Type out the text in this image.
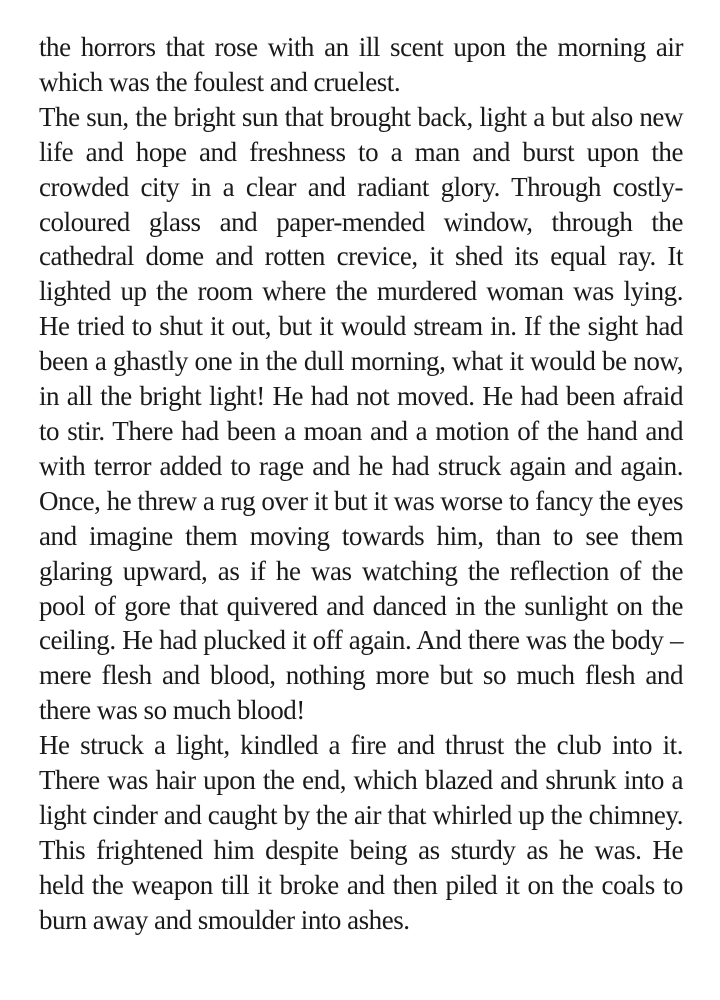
the horrors that rose with an ill scent upon the morning air which was the foulest and cruelest.

The sun, the bright sun that brought back, light a but also new life and hope and freshness to a man and burst upon the crowded city in a clear and radiant glory. Through costly-coloured glass and paper-mended window, through the cathedral dome and rotten crevice, it shed its equal ray. It lighted up the room where the murdered woman was lying. He tried to shut it out, but it would stream in. If the sight had been a ghastly one in the dull morning, what it would be now, in all the bright light! He had not moved. He had been afraid to stir. There had been a moan and a motion of the hand and with terror added to rage and he had struck again and again. Once, he threw a rug over it but it was worse to fancy the eyes and imagine them moving towards him, than to see them glaring upward, as if he was watching the reflection of the pool of gore that quivered and danced in the sunlight on the ceiling. He had plucked it off again. And there was the body – mere flesh and blood, nothing more but so much flesh and there was so much blood!

He struck a light, kindled a fire and thrust the club into it. There was hair upon the end, which blazed and shrunk into a light cinder and caught by the air that whirled up the chimney. This frightened him despite being as sturdy as he was. He held the weapon till it broke and then piled it on the coals to burn away and smoulder into ashes.
